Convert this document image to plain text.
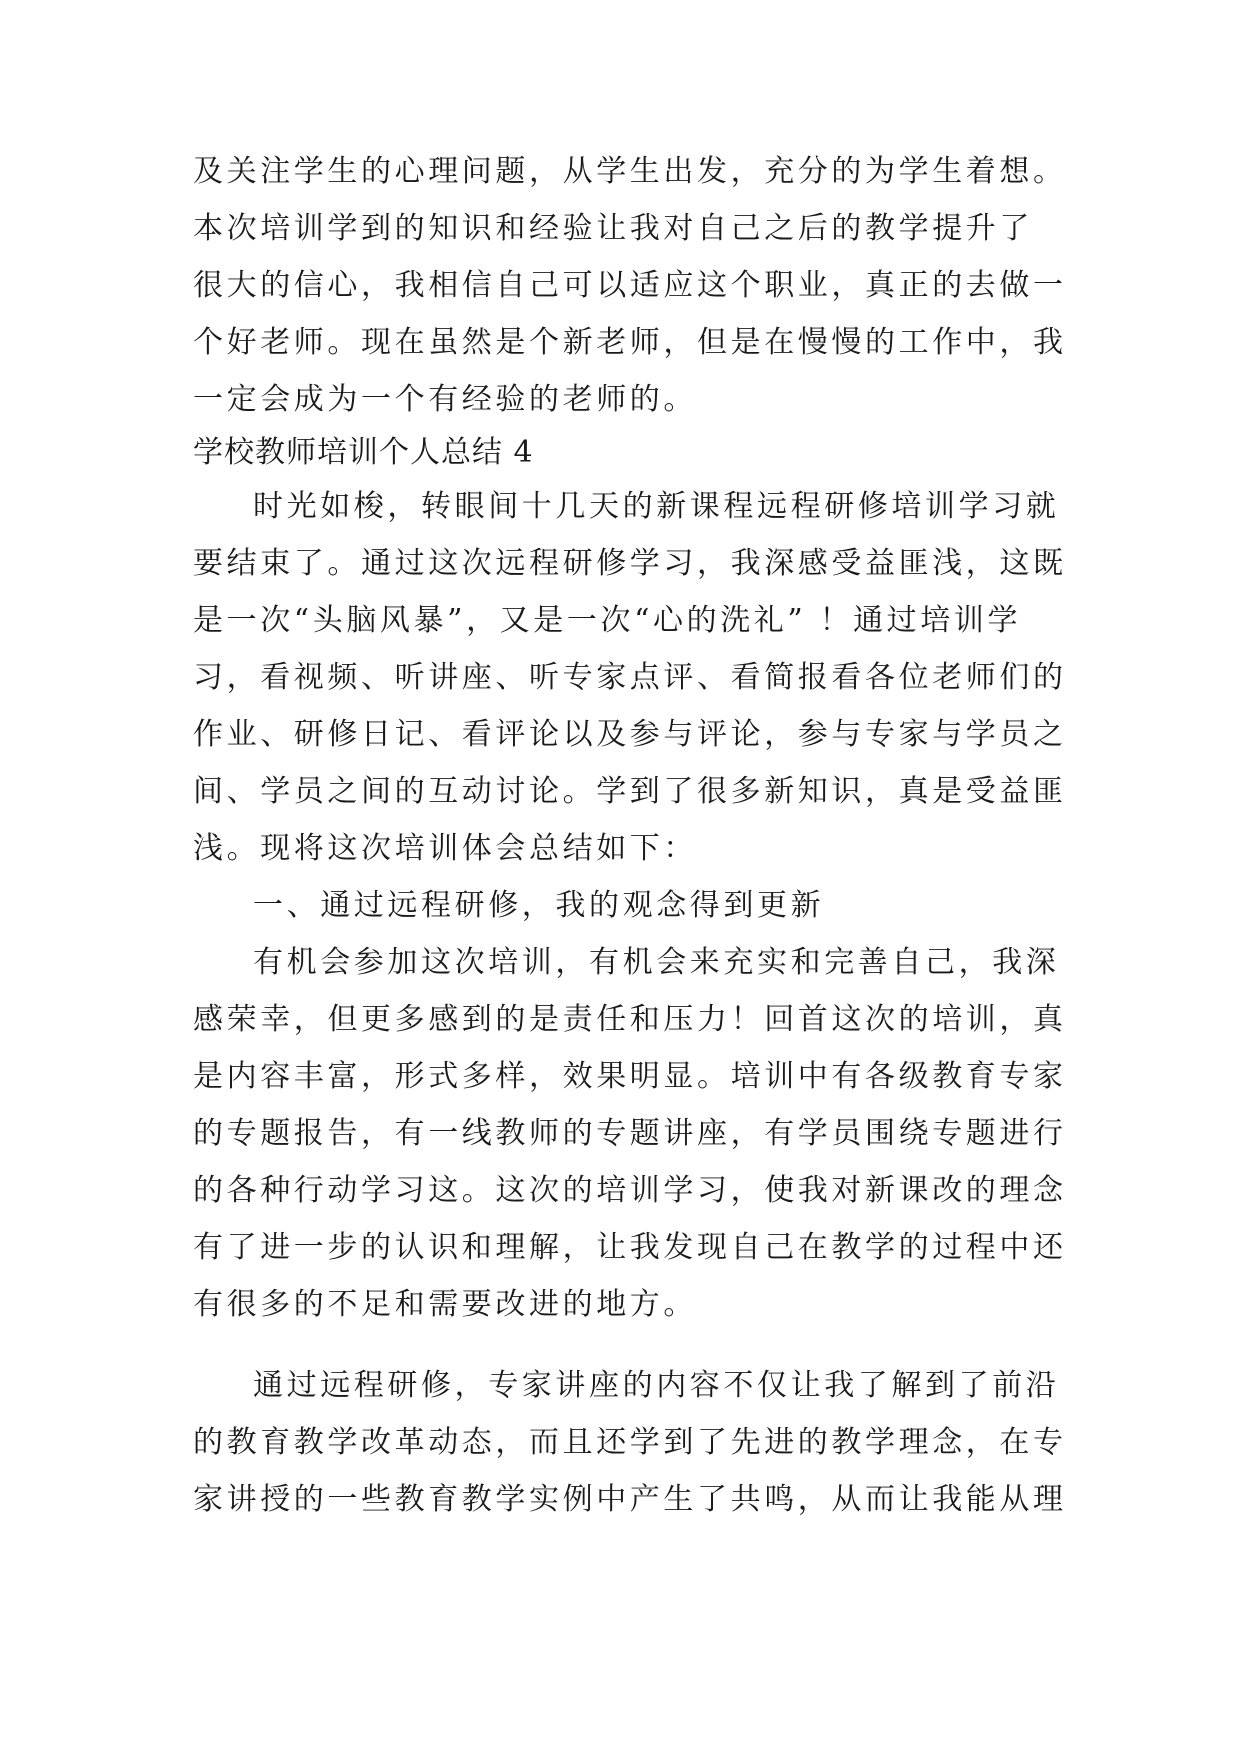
及关注学生的心理问题，从学生出发，充分的为学生着想。
本次培训学到的知识和经验让我对自己之后的教学提升了
很大的信心，我相信自己可以适应这个职业，真正的去做一
个好老师。现在虽然是个新老师，但是在慢慢的工作中，我
一定会成为一个有经验的老师的。
学校教师培训个人总结 4
时光如梭，转眼间十几天的新课程远程研修培训学习就
要结束了。通过这次远程研修学习，我深感受益匪浅，这既
是一次“头脑风暴”，又是一次“心的洗礼” ！通过培训学
习，看视频、听讲座、听专家点评、看简报看各位老师们的
作业、研修日记、看评论以及参与评论，参与专家与学员之
间、学员之间的互动讨论。学到了很多新知识，真是受益匪
浅。现将这次培训体会总结如下：
一、通过远程研修，我的观念得到更新
有机会参加这次培训，有机会来充实和完善自己，我深
感荣幸，但更多感到的是责任和压力！回首这次的培训，真
是内容丰富，形式多样，效果明显。培训中有各级教育专家
的专题报告，有一线教师的专题讲座，有学员围绕专题进行
的各种行动学习这。这次的培训学习，使我对新课改的理念
有了进一步的认识和理解，让我发现自己在教学的过程中还
有很多的不足和需要改进的地方。
通过远程研修，专家讲座的内容不仅让我了解到了前沿
的教育教学改革动态，而且还学到了先进的教学理念，在专
家讲授的一些教育教学实例中产生了共鸣，从而让我能从理
